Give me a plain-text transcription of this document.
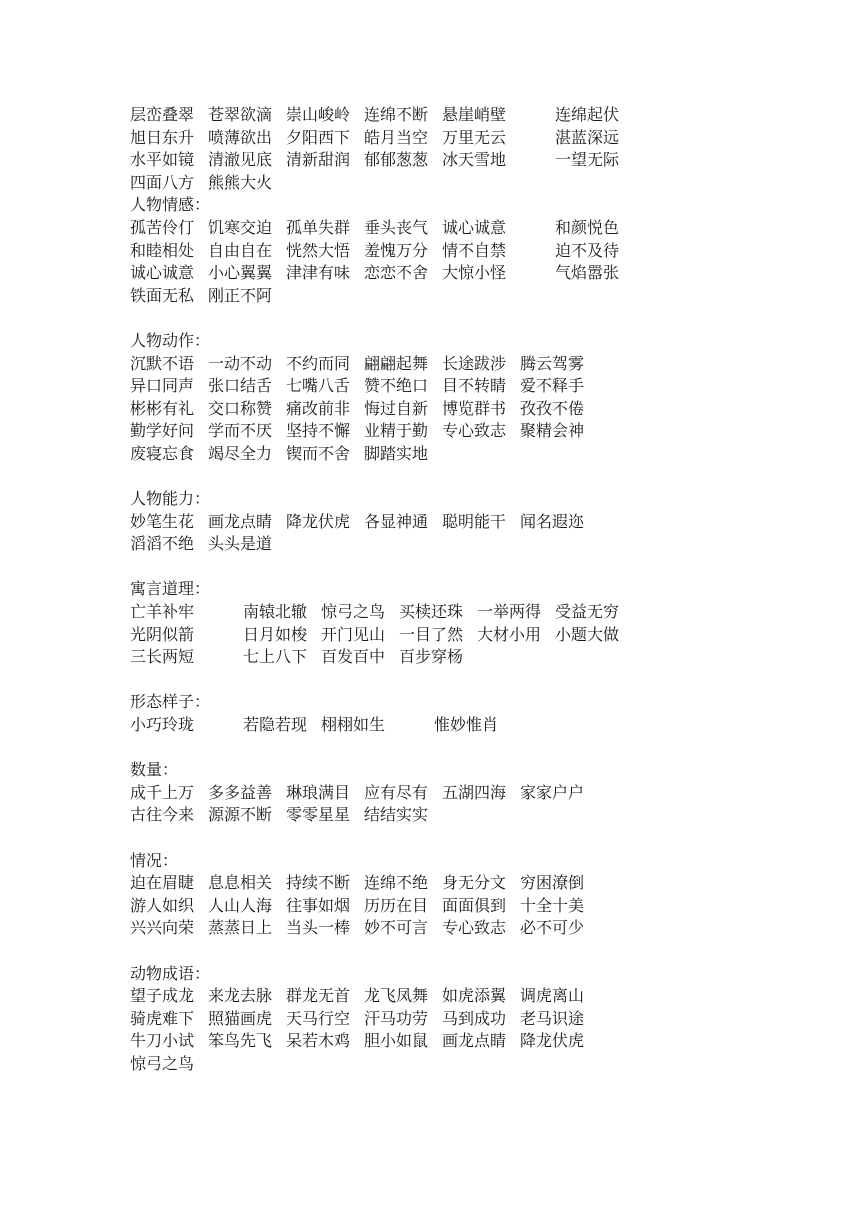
层峦叠翠 苍翠欲滴 崇山峻岭 连绵不断 悬崖峭壁	连绵起伏
旭日东升 喷薄欲出 夕阳西下 皓月当空 万里无云	湛蓝深远
水平如镜 清澈见底 清新甜润 郁郁葱葱 冰天雪地	一望无际
四面八方 熊熊大火
人物情感：
孤苦伶仃 饥寒交迫 孤单失群 垂头丧气 诚心诚意	和颜悦色
和睦相处 自由自在 恍然大悟 羞愧万分 情不自禁	迫不及待
诚心诚意 小心翼翼 津津有味 恋恋不舍 大惊小怪	气焰嚣张
铁面无私 刚正不阿
人物动作：
沉默不语 一动不动 不约而同 翩翩起舞 长途跋涉 腾云驾雾
异口同声 张口结舌 七嘴八舌 赞不绝口 目不转睛 爱不释手
彬彬有礼 交口称赞 痛改前非 悔过自新 博览群书 孜孜不倦
勤学好问 学而不厌 坚持不懈 业精于勤 专心致志 聚精会神
废寝忘食 竭尽全力 锲而不舍 脚踏实地
人物能力：
妙笔生花 画龙点睛 降龙伏虎 各显神通 聪明能干 闻名遐迩
滔滔不绝 头头是道
寓言道理：
亡羊补牢	南辕北辙 惊弓之鸟 买椟还珠 一举两得 受益无穷
光阴似箭	日月如梭 开门见山 一目了然 大材小用 小题大做
三长两短	七上八下 百发百中 百步穿杨
形态样子：
小巧玲珑	若隐若现 栩栩如生	惟妙惟肖
数量：
成千上万 多多益善 琳琅满目 应有尽有 五湖四海 家家户户
古往今来 源源不断 零零星星 结结实实
情况：
迫在眉睫 息息相关 持续不断 连绵不绝 身无分文 穷困潦倒
游人如织 人山人海 往事如烟 历历在目 面面俱到 十全十美
兴兴向荣 蒸蒸日上 当头一棒 妙不可言 专心致志 必不可少
动物成语：
望子成龙 来龙去脉 群龙无首 龙飞凤舞 如虎添翼 调虎离山
骑虎难下 照猫画虎 天马行空 汗马功劳 马到成功 老马识途
牛刀小试 笨鸟先飞 呆若木鸡 胆小如鼠 画龙点睛 降龙伏虎
惊弓之鸟
